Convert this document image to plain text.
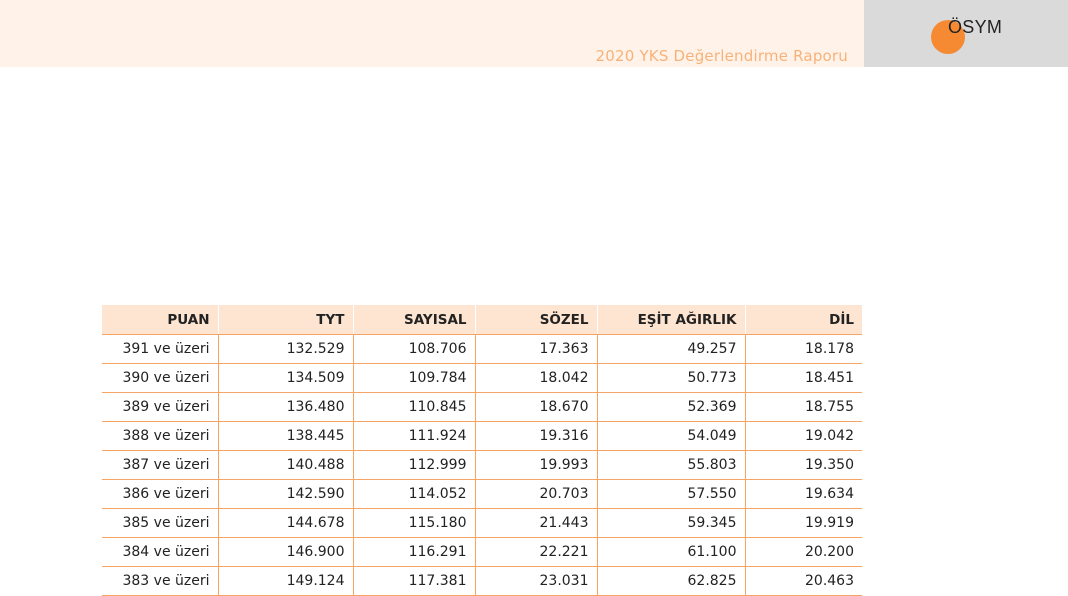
2020 YKS Değerlendirme Raporu
ÖSYM
PUAN	TYT	SAYISAL	SÖZEL	EŞİT AĞIRLIK	DİL
391 ve üzeri	132.529	108.706	17.363	49.257	18.178
390 ve üzeri	134.509	109.784	18.042	50.773	18.451
389 ve üzeri	136.480	110.845	18.670	52.369	18.755
388 ve üzeri	138.445	111.924	19.316	54.049	19.042
387 ve üzeri	140.488	112.999	19.993	55.803	19.350
386 ve üzeri	142.590	114.052	20.703	57.550	19.634
385 ve üzeri	144.678	115.180	21.443	59.345	19.919
384 ve üzeri	146.900	116.291	22.221	61.100	20.200
383 ve üzeri	149.124	117.381	23.031	62.825	20.463
